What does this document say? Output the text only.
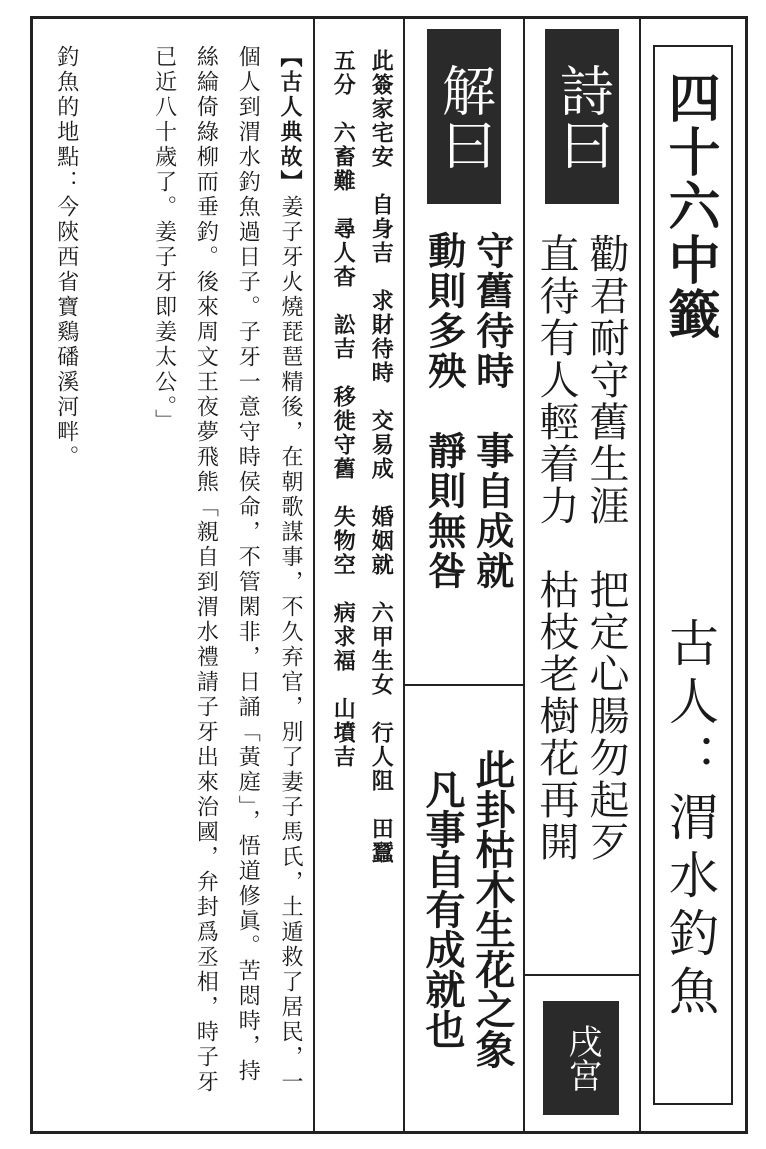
四十六中籤
古人：渭水釣魚
詩曰
勸君耐守舊生涯　把定心腸勿起歹
直待有人輕着力　枯枝老樹花再開
戌宮
解曰
守舊待時　事自成就
動則多殃　靜則無咎
此卦枯木生花之象
凡事自有成就也
此簽家宅安　自身吉　求財待時　交易成　婚姻就　六甲生女　行人阻　田蠶
五分　六畜難　尋人杳　訟吉　移徙守舊　失物空　病求福　山墳吉
【古人典故】姜子牙火燒琵琶精後，在朝歌謀事，不久弃官，別了妻子馬氏，土遁救了居民，一個人到渭水釣魚過日子。子牙一意守時侯命，不管閑非，日誦「黃庭」，悟道修眞。苦悶時，持絲綸倚綠柳而垂釣。後來周文王夜夢飛熊「親自到渭水禮請子牙出來治國，弁封爲丞相，時子牙已近八十歲了。姜子牙即姜太公。」
釣魚的地點：今陝西省寶鷄磻溪河畔。
